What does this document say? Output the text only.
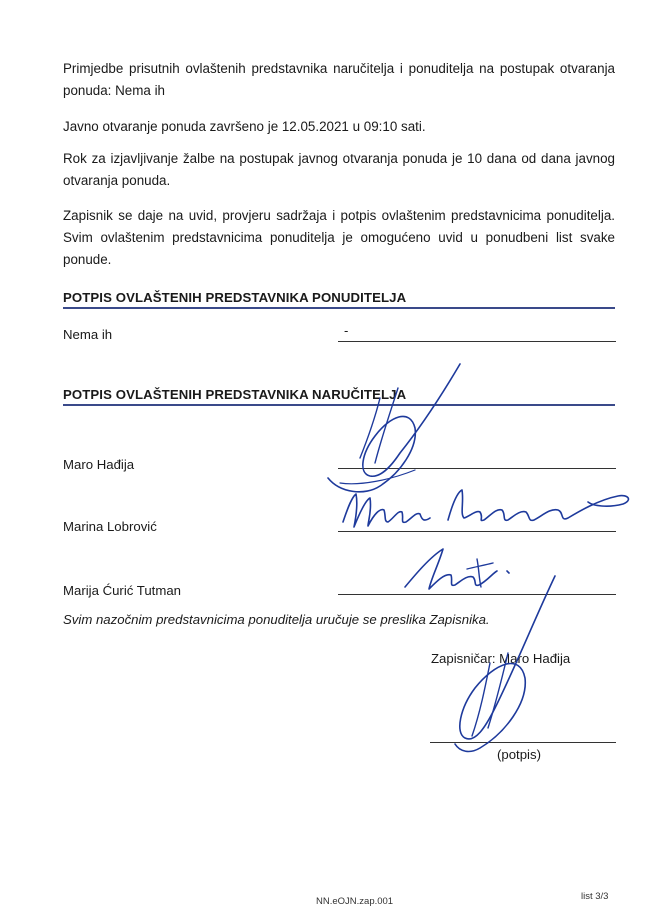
Primjedbe prisutnih ovlaštenih predstavnika naručitelja i ponuditelja na postupak otvaranja ponuda: Nema ih

Javno otvaranje ponuda završeno je 12.05.2021 u 09:10 sati.

Rok za izjavljivanje žalbe na postupak javnog otvaranja ponuda je 10 dana od dana javnog otvaranja ponuda.

Zapisnik se daje na uvid, provjeru sadržaja i potpis ovlaštenim predstavnicima ponuditelja. Svim ovlaštenim predstavnicima ponuditelja je omogućeno uvid u ponudbeni list svake ponude.

POTPIS OVLAŠTENIH PREDSTAVNIKA PONUDITELJA
Nema ih	-
POTPIS OVLAŠTENIH PREDSTAVNIKA NARUČITELJA
Maro Hađija
Marina Lobrović
Marija Ćurić Tutman
Svim nazočnim predstavnicima ponuditelja uručuje se preslika Zapisnika.
Zapisničar: Maro Hađija
(potpis)
NN.eOJN.zap.001	list 3/3
